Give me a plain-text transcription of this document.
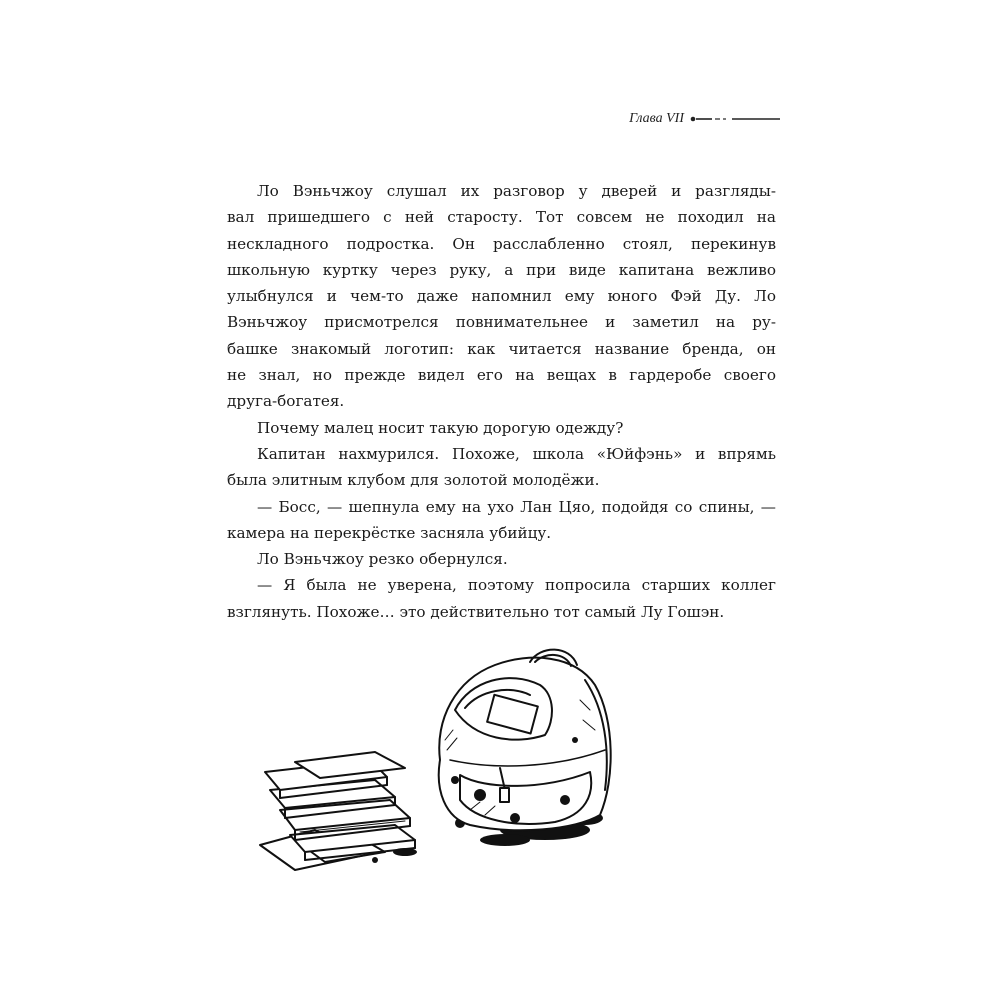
Глава VII
Ло Вэньчжоу слушал их разговор у дверей и разгляды-
вал пришедшего с ней старосту. Тот совсем не походил на
нескладного подростка. Он расслабленно стоял, перекинув
школьную куртку через руку, а при виде капитана вежливо
улыбнулся и чем-то даже напомнил ему юного Фэй Ду. Ло
Вэньчжоу присмотрелся повнимательнее и заметил на ру-
башке знакомый логотип: как читается название бренда, он
не знал, но прежде видел его на вещах в гардеробе своего
друга-богатея.
Почему малец носит такую дорогую одежду?
Капитан нахмурился. Похоже, школа «Юйфэнь» и впрямь
была элитным клубом для золотой молодёжи.
— Босс, — шепнула ему на ухо Лан Цяо, подойдя со спины, —
камера на перекрёстке засняла убийцу.
Ло Вэньчжоу резко обернулся.
— Я была не уверена, поэтому попросила старших коллег
взглянуть. Похоже… это действительно тот самый Лу Гошэн.
